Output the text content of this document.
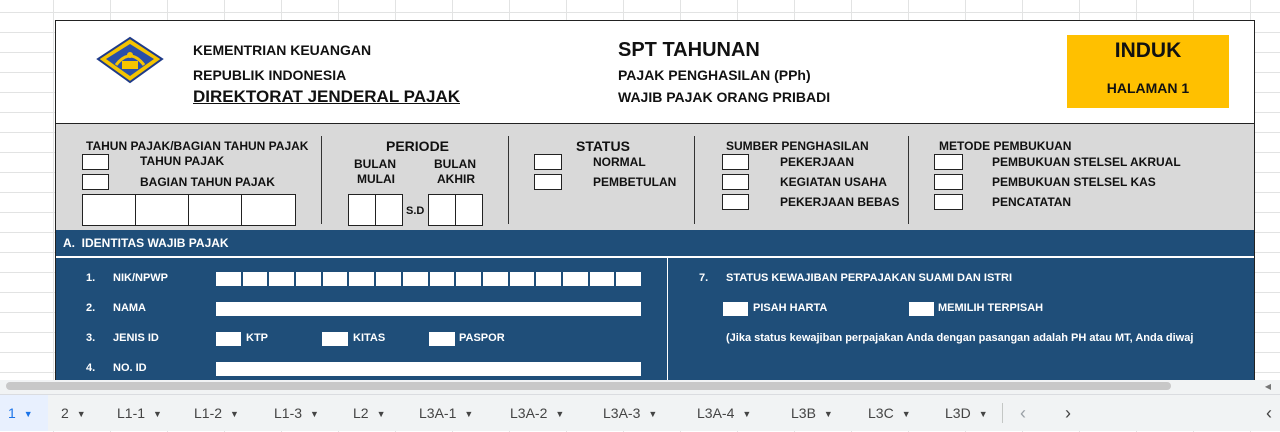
KEMENTRIAN KEUANGAN
REPUBLIK INDONESIA
DIREKTORAT JENDERAL PAJAK
SPT TAHUNAN
PAJAK PENGHASILAN (PPh)
WAJIB PAJAK ORANG PRIBADI
INDUK
HALAMAN 1
TAHUN PAJAK/BAGIAN TAHUN PAJAK
TAHUN PAJAK
BAGIAN TAHUN PAJAK
PERIODE
BULAN
MULAI
BULAN
AKHIR
S.D
STATUS
NORMAL
PEMBETULAN
SUMBER PENGHASILAN
PEKERJAAN
KEGIATAN USAHA
PEKERJAAN BEBAS
METODE PEMBUKUAN
PEMBUKUAN STELSEL AKRUAL
PEMBUKUAN STELSEL KAS
PENCATATAN
A.  IDENTITAS WAJIB PAJAK
1. NIK/NPWP
2. NAMA
3. JENIS ID	KTP	KITAS	PASPOR
4. NO. ID
7. STATUS KEWAJIBAN PERPAJAKAN SUAMI DAN ISTRI
PISAH HARTA	MEMILIH TERPISAH
(Jika status kewajiban perpajakan Anda dengan pasangan adalah PH atau MT, Anda diwaj
◀
1 ▼	2 ▼ L1-1 ▼ L1-2 ▼	L1-3 ▼ L2 ▼ L3A-1 ▼	L3A-2 ▼	L3A-3 ▼	L3A-4 ▼	L3B ▼	L3C ▼ L3D ▼ ‹ ›	‹
